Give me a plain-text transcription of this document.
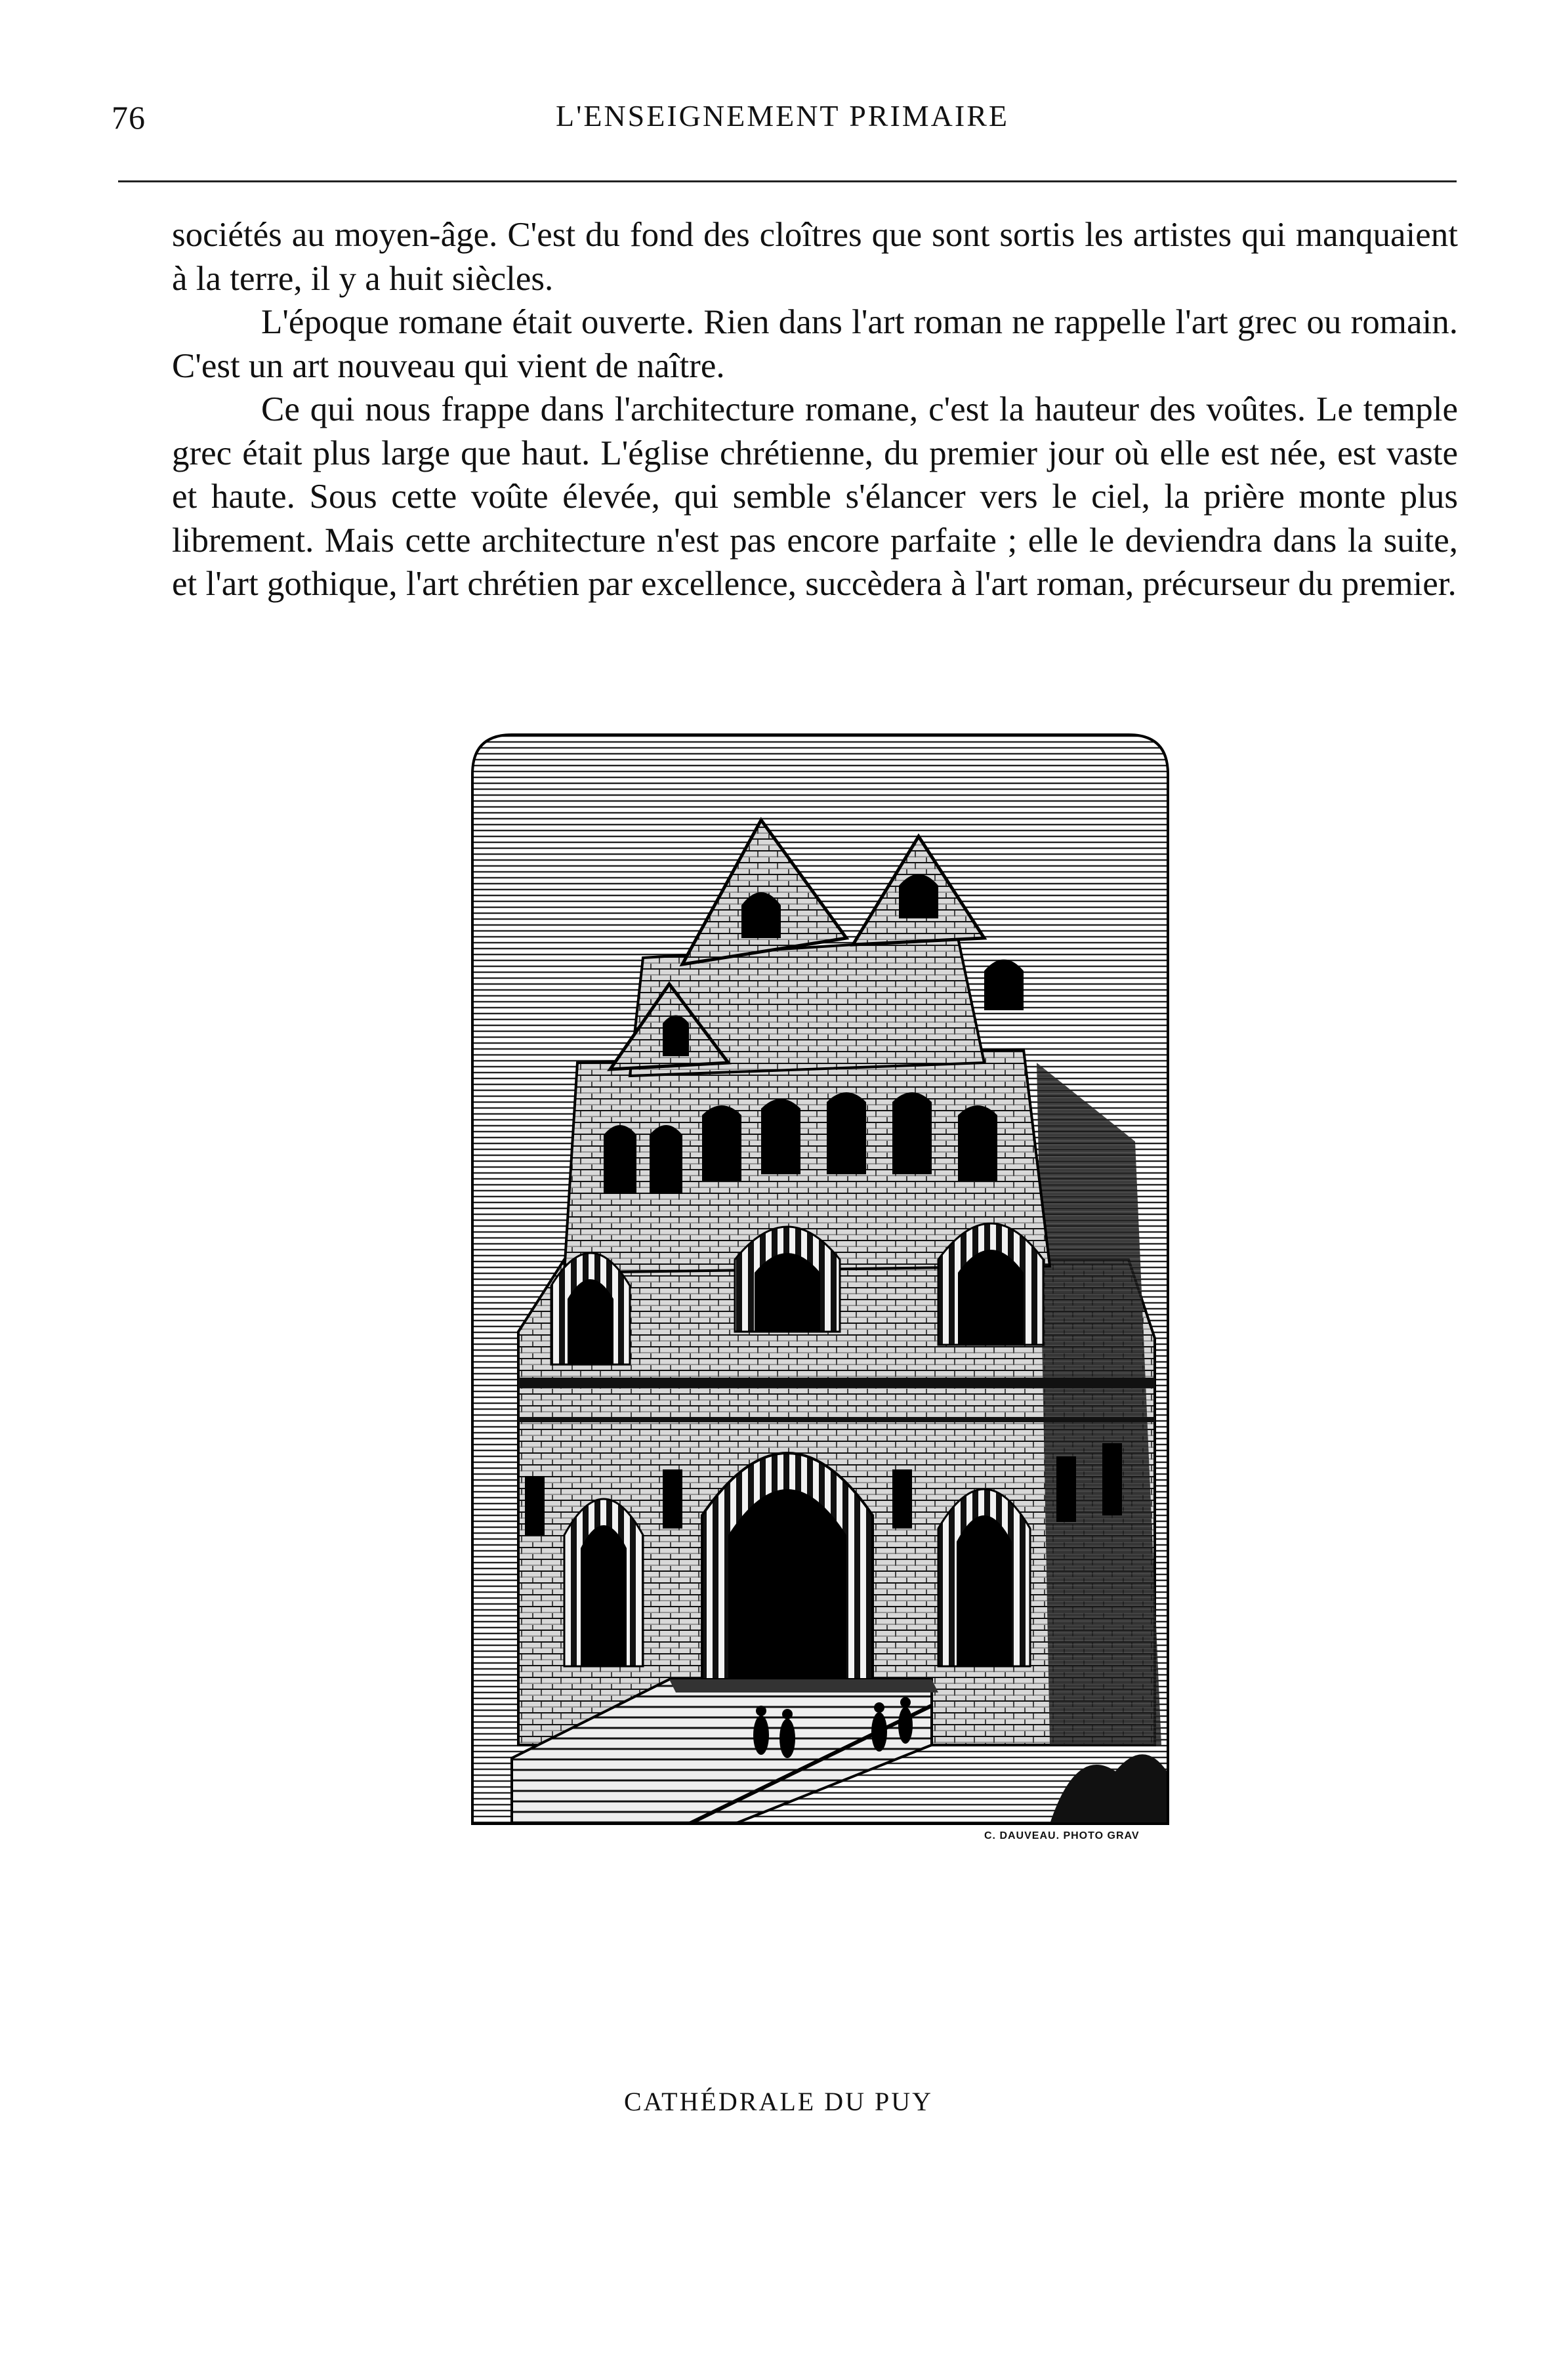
76	L'ENSEIGNEMENT PRIMAIRE

sociétés au moyen-âge. C'est du fond des cloîtres que sont sortis les artistes qui manquaient à la terre, il y a huit siècles.

L'époque romane était ouverte. Rien dans l'art roman ne rappelle l'art grec ou romain. C'est un art nouveau qui vient de naître.

Ce qui nous frappe dans l'architecture romane, c'est la hauteur des voûtes. Le temple grec était plus large que haut. L'église chrétienne, du premier jour où elle est née, est vaste et haute. Sous cette voûte élevée, qui semble s'élancer vers le ciel, la prière monte plus librement. Mais cette architecture n'est pas encore parfaite ; elle le deviendra dans la suite, et l'art gothique, l'art chrétien par excellence, succèdera à l'art roman, précurseur du premier.

C. DAUVEAU. PHOTO GRAV
CATHÉDRALE DU PUY
